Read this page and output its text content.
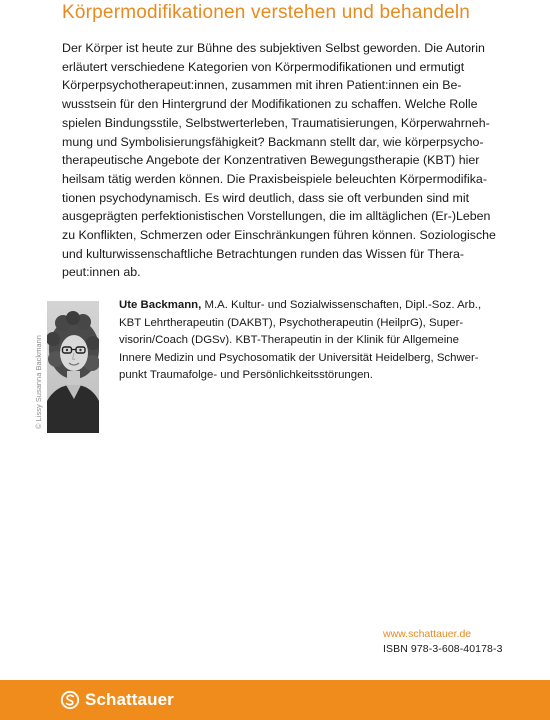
Körpermodifikationen verstehen und behandeln

Der Körper ist heute zur Bühne des subjektiven Selbst geworden. Die Autorin
erläutert verschiedene Kategorien von Körpermodifikationen und ermutigt
Körperpsychotherapeut:innen, zusammen mit ihren Patient:innen ein Be-
wusstsein für den Hintergrund der Modifikationen zu schaffen. Welche Rolle
spielen Bindungsstile, Selbstwerterleben, Traumatisierungen, Körperwahrneh-
mung und Symbolisierungsfähigkeit? Backmann stellt dar, wie körperpsycho-
therapeutische Angebote der Konzentrativen Bewegungstherapie (KBT) hier
heilsam tätig werden können. Die Praxisbeispiele beleuchten Körpermodifika-
tionen psychodynamisch. Es wird deutlich, dass sie oft verbunden sind mit
ausgeprägten perfektionistischen Vorstellungen, die im alltäglichen (Er-)Leben
zu Konflikten, Schmerzen oder Einschränkungen führen können. Soziologische
und kulturwissenschaftliche Betrachtungen runden das Wissen für Thera-
peut:innen ab.

© Lissy Susanna Backmann
Ute Backmann, M.A. Kultur- und Sozialwissenschaften, Dipl.-Soz. Arb.,
KBT Lehrtherapeutin (DAKBT), Psychotherapeutin (HeilprG), Super-
visorin/Coach (DGSv). KBT-Therapeutin in der Klinik für Allgemeine
Innere Medizin und Psychosomatik der Universität Heidelberg, Schwer-
punkt Traumafolge- und Persönlichkeitsstörungen.
www.schattauer.de
ISBN 978-3-608-40178-3
Schattauer
